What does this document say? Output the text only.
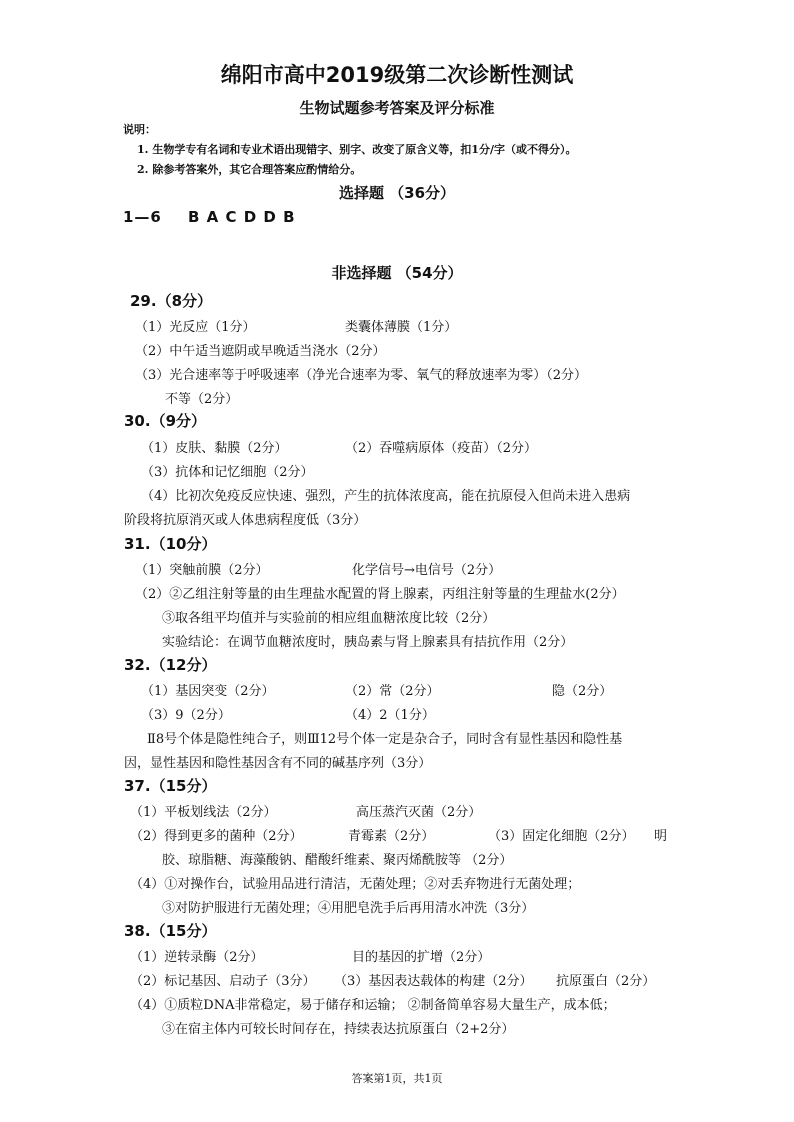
绵阳市高中2019级第二次诊断性测试
生物试题参考答案及评分标准
说明：
1. 生物学专有名词和专业术语出现错字、别字、改变了原含义等，扣1分/字（或不得分）。
2. 除参考答案外，其它合理答案应酌情给分。
选择题 （36分）
1—6 B A C D D B
非选择题 （54分）
29.（8分）
（1）光反应（1分）	类囊体薄膜（1分）
（2）中午适当遮阴或早晚适当浇水（2分）
（3）光合速率等于呼吸速率（净光合速率为零、氧气的释放速率为零）（2分）
不等（2分）
30.（9分）
（1）皮肤、黏膜（2分）	（2）吞噬病原体（疫苗）（2分）
（3）抗体和记忆细胞（2分）
（4）比初次免疫反应快速、强烈，产生的抗体浓度高，能在抗原侵入但尚未进入患病
阶段将抗原消灭或人体患病程度低（3分）
31.（10分）
（1）突触前膜（2分）	化学信号→电信号（2分）
（2）②乙组注射等量的由生理盐水配置的肾上腺素，丙组注射等量的生理盐水(2分）
③取各组平均值并与实验前的相应组血糖浓度比较（2分）
实验结论：在调节血糖浓度时，胰岛素与肾上腺素具有拮抗作用（2分）
32.（12分）
（1）基因突变（2分）	（2）常（2分）	隐（2分）
（3）9（2分）	（4）2（1分）
Ⅱ8号个体是隐性纯合子，则Ⅲ12号个体一定是杂合子，同时含有显性基因和隐性基
因，显性基因和隐性基因含有不同的碱基序列（3分）
37.（15分）
（1）平板划线法（2分）	高压蒸汽灭菌（2分）
（2）得到更多的菌种（2分）	青霉素（2分）	（3）固定化细胞（2分） 明
胶、琼脂糖、海藻酸钠、醋酸纤维素、聚丙烯酰胺等 （2分）
（4）①对操作台，试验用品进行清洁，无菌处理；②对丢弃物进行无菌处理；
③对防护服进行无菌处理；④用肥皂洗手后再用清水冲洗（3分）
38.（15分）
（1）逆转录酶（2分）	目的基因的扩增（2分）
（2）标记基因、启动子（3分） （3）基因表达载体的构建（2分） 抗原蛋白（2分）
（4）①质粒DNA非常稳定，易于储存和运输； ②制备简单容易大量生产，成本低；
③在宿主体内可较长时间存在，持续表达抗原蛋白（2+2分）
答案第1页，共1页
